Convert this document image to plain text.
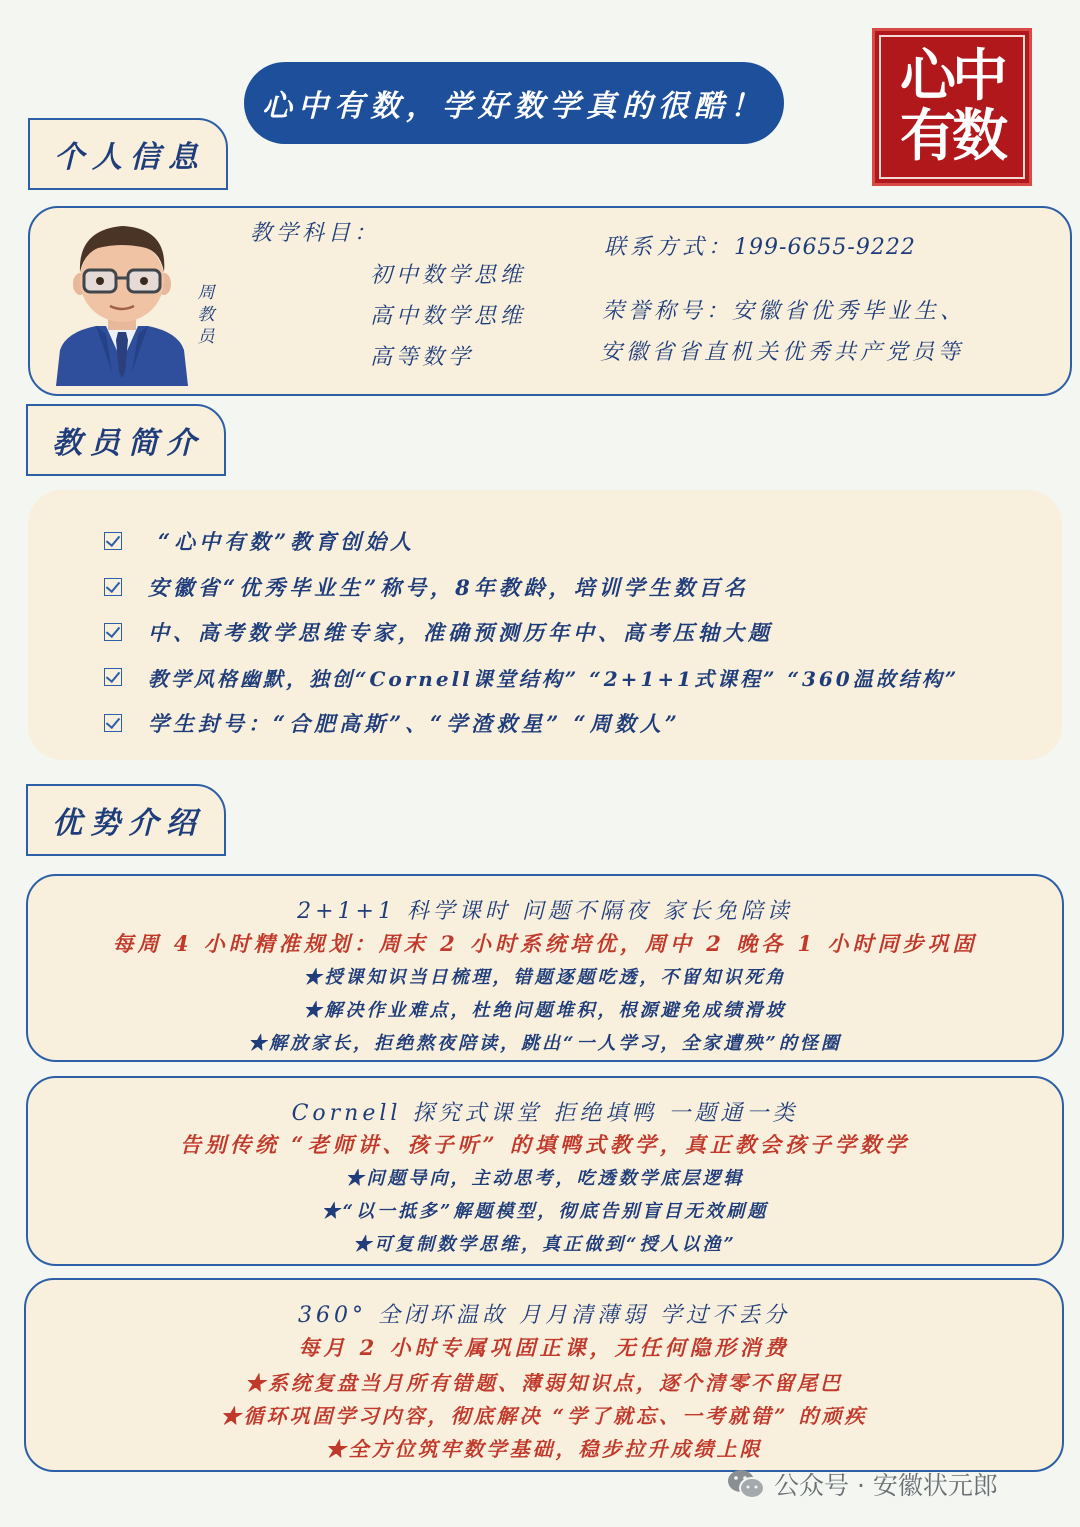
心中有数，学好数学真的很酷！	心中
有数
个人信息
周教员
教学科目：
初中数学思维
高中数学思维
高等数学
联系方式：199-6655-9222
荣誉称号：安徽省优秀毕业生、
安徽省省直机关优秀共产党员等
教员简介
“心中有数”教育创始人
安徽省“优秀毕业生”称号，8年教龄，培训学生数百名
中、高考数学思维专家，准确预测历年中、高考压轴大题
教学风格幽默，独创“Cornell课堂结构” “2+1+1式课程” “360温故结构”
学生封号：“合肥高斯”、“学渣救星” “周数人”
优势介绍
2+1+1 科学课时 问题不隔夜 家长免陪读
每周 4 小时精准规划：周末 2 小时系统培优，周中 2 晚各 1 小时同步巩固
★授课知识当日梳理，错题逐题吃透，不留知识死角
★解决作业难点，杜绝问题堆积，根源避免成绩滑坡
★解放家长，拒绝熬夜陪读，跳出“一人学习，全家遭殃”的怪圈
Cornell 探究式课堂 拒绝填鸭 一题通一类
告别传统 “老师讲、孩子听” 的填鸭式教学，真正教会孩子学数学
★问题导向，主动思考，吃透数学底层逻辑
★“以一抵多”解题模型，彻底告别盲目无效刷题
★可复制数学思维，真正做到“授人以渔”
360° 全闭环温故 月月清薄弱 学过不丢分
每月 2 小时专属巩固正课，无任何隐形消费
★系统复盘当月所有错题、薄弱知识点，逐个清零不留尾巴
★循环巩固学习内容，彻底解决 “学了就忘、一考就错” 的顽疾
★全方位筑牢数学基础，稳步拉升成绩上限
公众号 · 安徽状元郎
